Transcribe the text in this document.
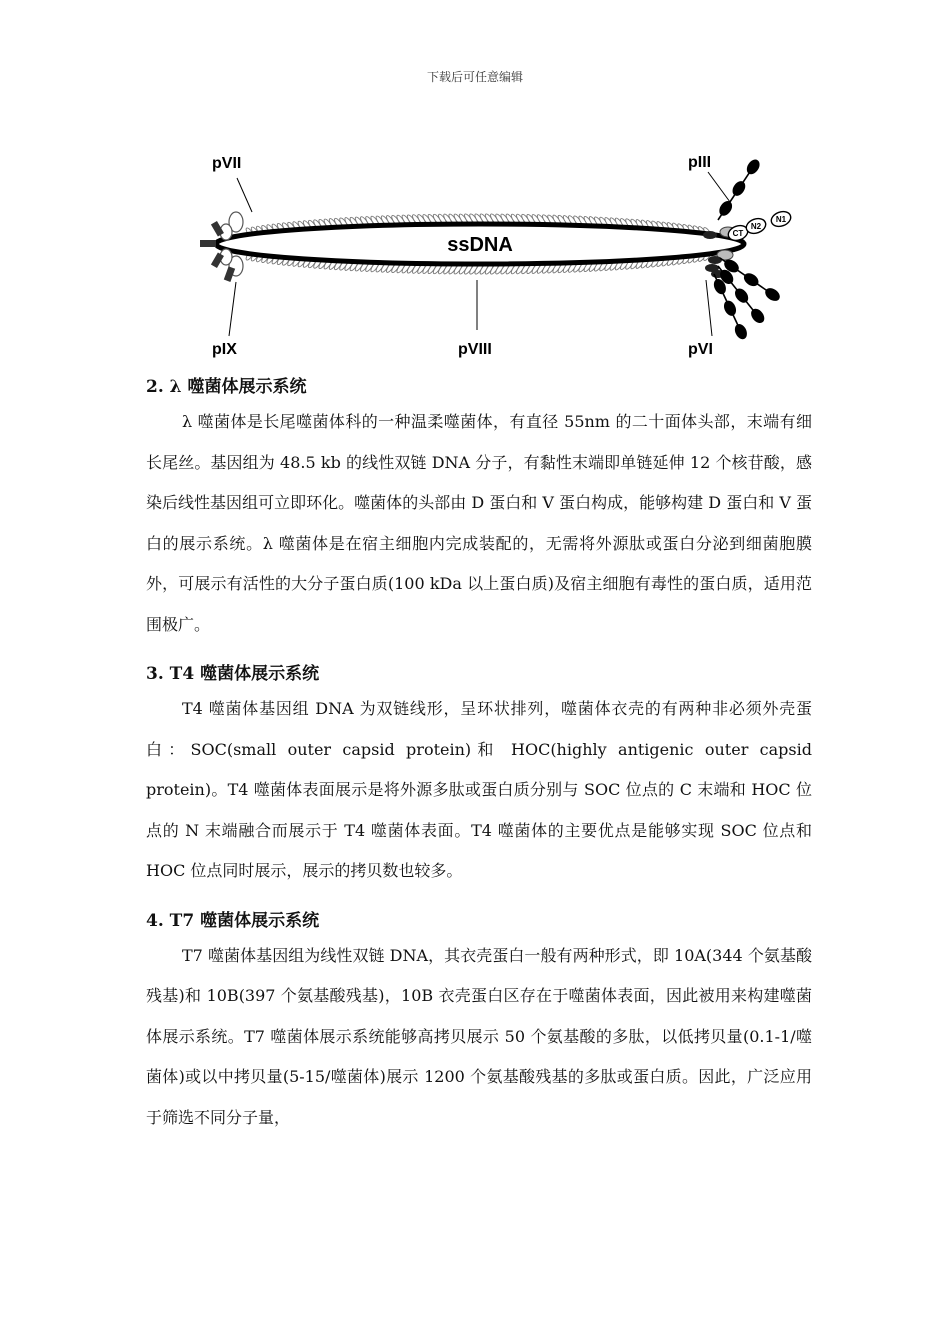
下载后可任意编辑
ssDNA
CT
N2
N1
pVII	pIII
pIX	pVIII	pVI

2. λ 噬菌体展示系统

λ 噬菌体是长尾噬菌体科的一种温柔噬菌体，有直径 55nm 的二十面体头部，末端有细长尾丝。基因组为 48.5 kb 的线性双链 DNA 分子，有黏性末端即单链延伸 12 个核苷酸，感染后线性基因组可立即环化。噬菌体的头部由 D 蛋白和 V 蛋白构成，能够构建 D 蛋白和 V 蛋白的展示系统。λ 噬菌体是在宿主细胞内完成装配的，无需将外源肽或蛋白分泌到细菌胞膜外，可展示有活性的大分子蛋白质(100 kDa 以上蛋白质)及宿主细胞有毒性的蛋白质，适用范围极广。

3. T4 噬菌体展示系统

T4 噬菌体基因组 DNA 为双链线形，呈环状排列，噬菌体衣壳的有两种非必须外壳蛋白：SOC(small outer capsid protein)和 HOC(highly antigenic outer capsid protein)。T4 噬菌体表面展示是将外源多肽或蛋白质分别与 SOC 位点的 C 末端和 HOC 位点的 N 末端融合而展示于 T4 噬菌体表面。T4 噬菌体的主要优点是能够实现 SOC 位点和 HOC 位点同时展示，展示的拷贝数也较多。

4. T7 噬菌体展示系统

T7 噬菌体基因组为线性双链 DNA，其衣壳蛋白一般有两种形式，即 10A(344 个氨基酸残基)和 10B(397 个氨基酸残基)，10B 衣壳蛋白区存在于噬菌体表面，因此被用来构建噬菌体展示系统。T7 噬菌体展示系统能够高拷贝展示 50 个氨基酸的多肽，以低拷贝量(0.1-1/噬菌体)或以中拷贝量(5-15/噬菌体)展示 1200 个氨基酸残基的多肽或蛋白质。因此，广泛应用于筛选不同分子量，
